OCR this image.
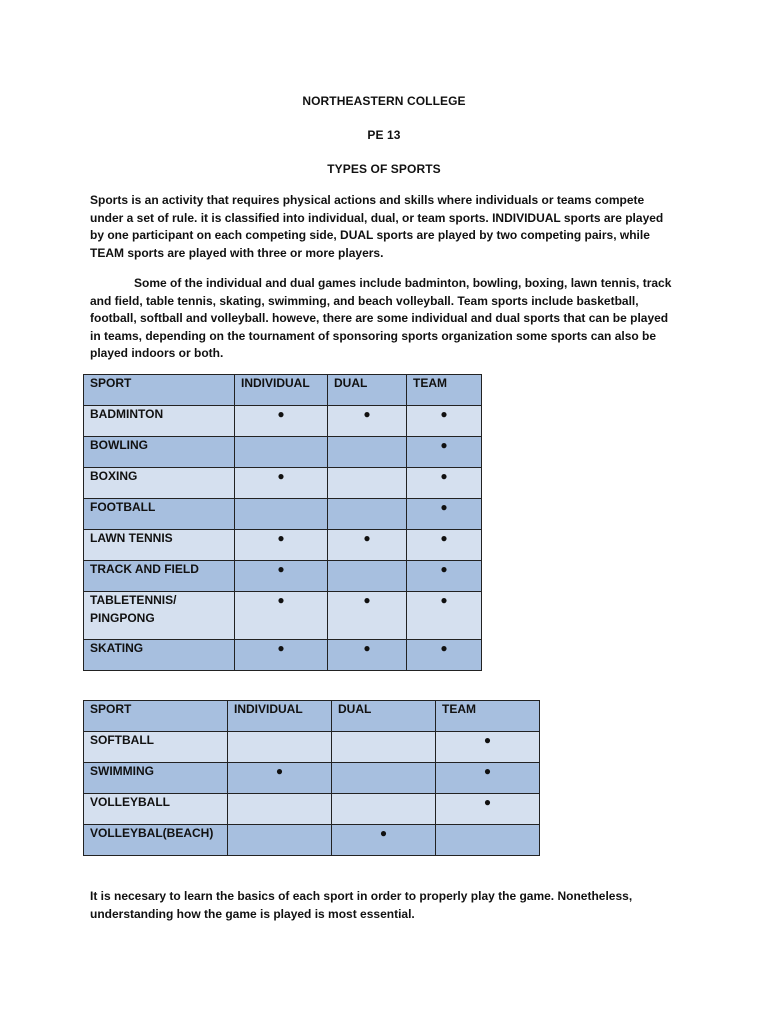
NORTHEASTERN COLLEGE
PE 13
TYPES OF SPORTS

Sports is an activity that requires physical actions and skills where individuals or teams compete under a set of rule. it is classified into individual, dual, or team sports. INDIVIDUAL sports are played by one participant on each competing side, DUAL sports are played by two competing pairs, while TEAM sports are played with three or more players.

Some of the individual and dual games include badminton, bowling, boxing, lawn tennis, track and field, table tennis, skating, swimming, and beach volleyball. Team sports include basketball, football, softball and volleyball. howeve, there are some individual and dual sports that can be played in teams, depending on the tournament of sponsoring sports organization some sports can also be played indoors or both.

SPORT	INDIVIDUAL	DUAL	TEAM
BADMINTON	●	●	●
BOWLING			●
BOXING	●		●
FOOTBALL			●
LAWN TENNIS	●	●	●
TRACK AND FIELD	●		●

TABLETENNIS/
PINGPONG	●	●	●
SKATING	●	●	●
SPORT	INDIVIDUAL	DUAL	TEAM
SOFTBALL			●
SWIMMING	●		●
VOLLEYBALL			●
VOLLEYBAL(BEACH)		●	

It is necesary to learn the basics of each sport in order to properly play the game. Nonetheless, understanding how the game is played is most essential.
